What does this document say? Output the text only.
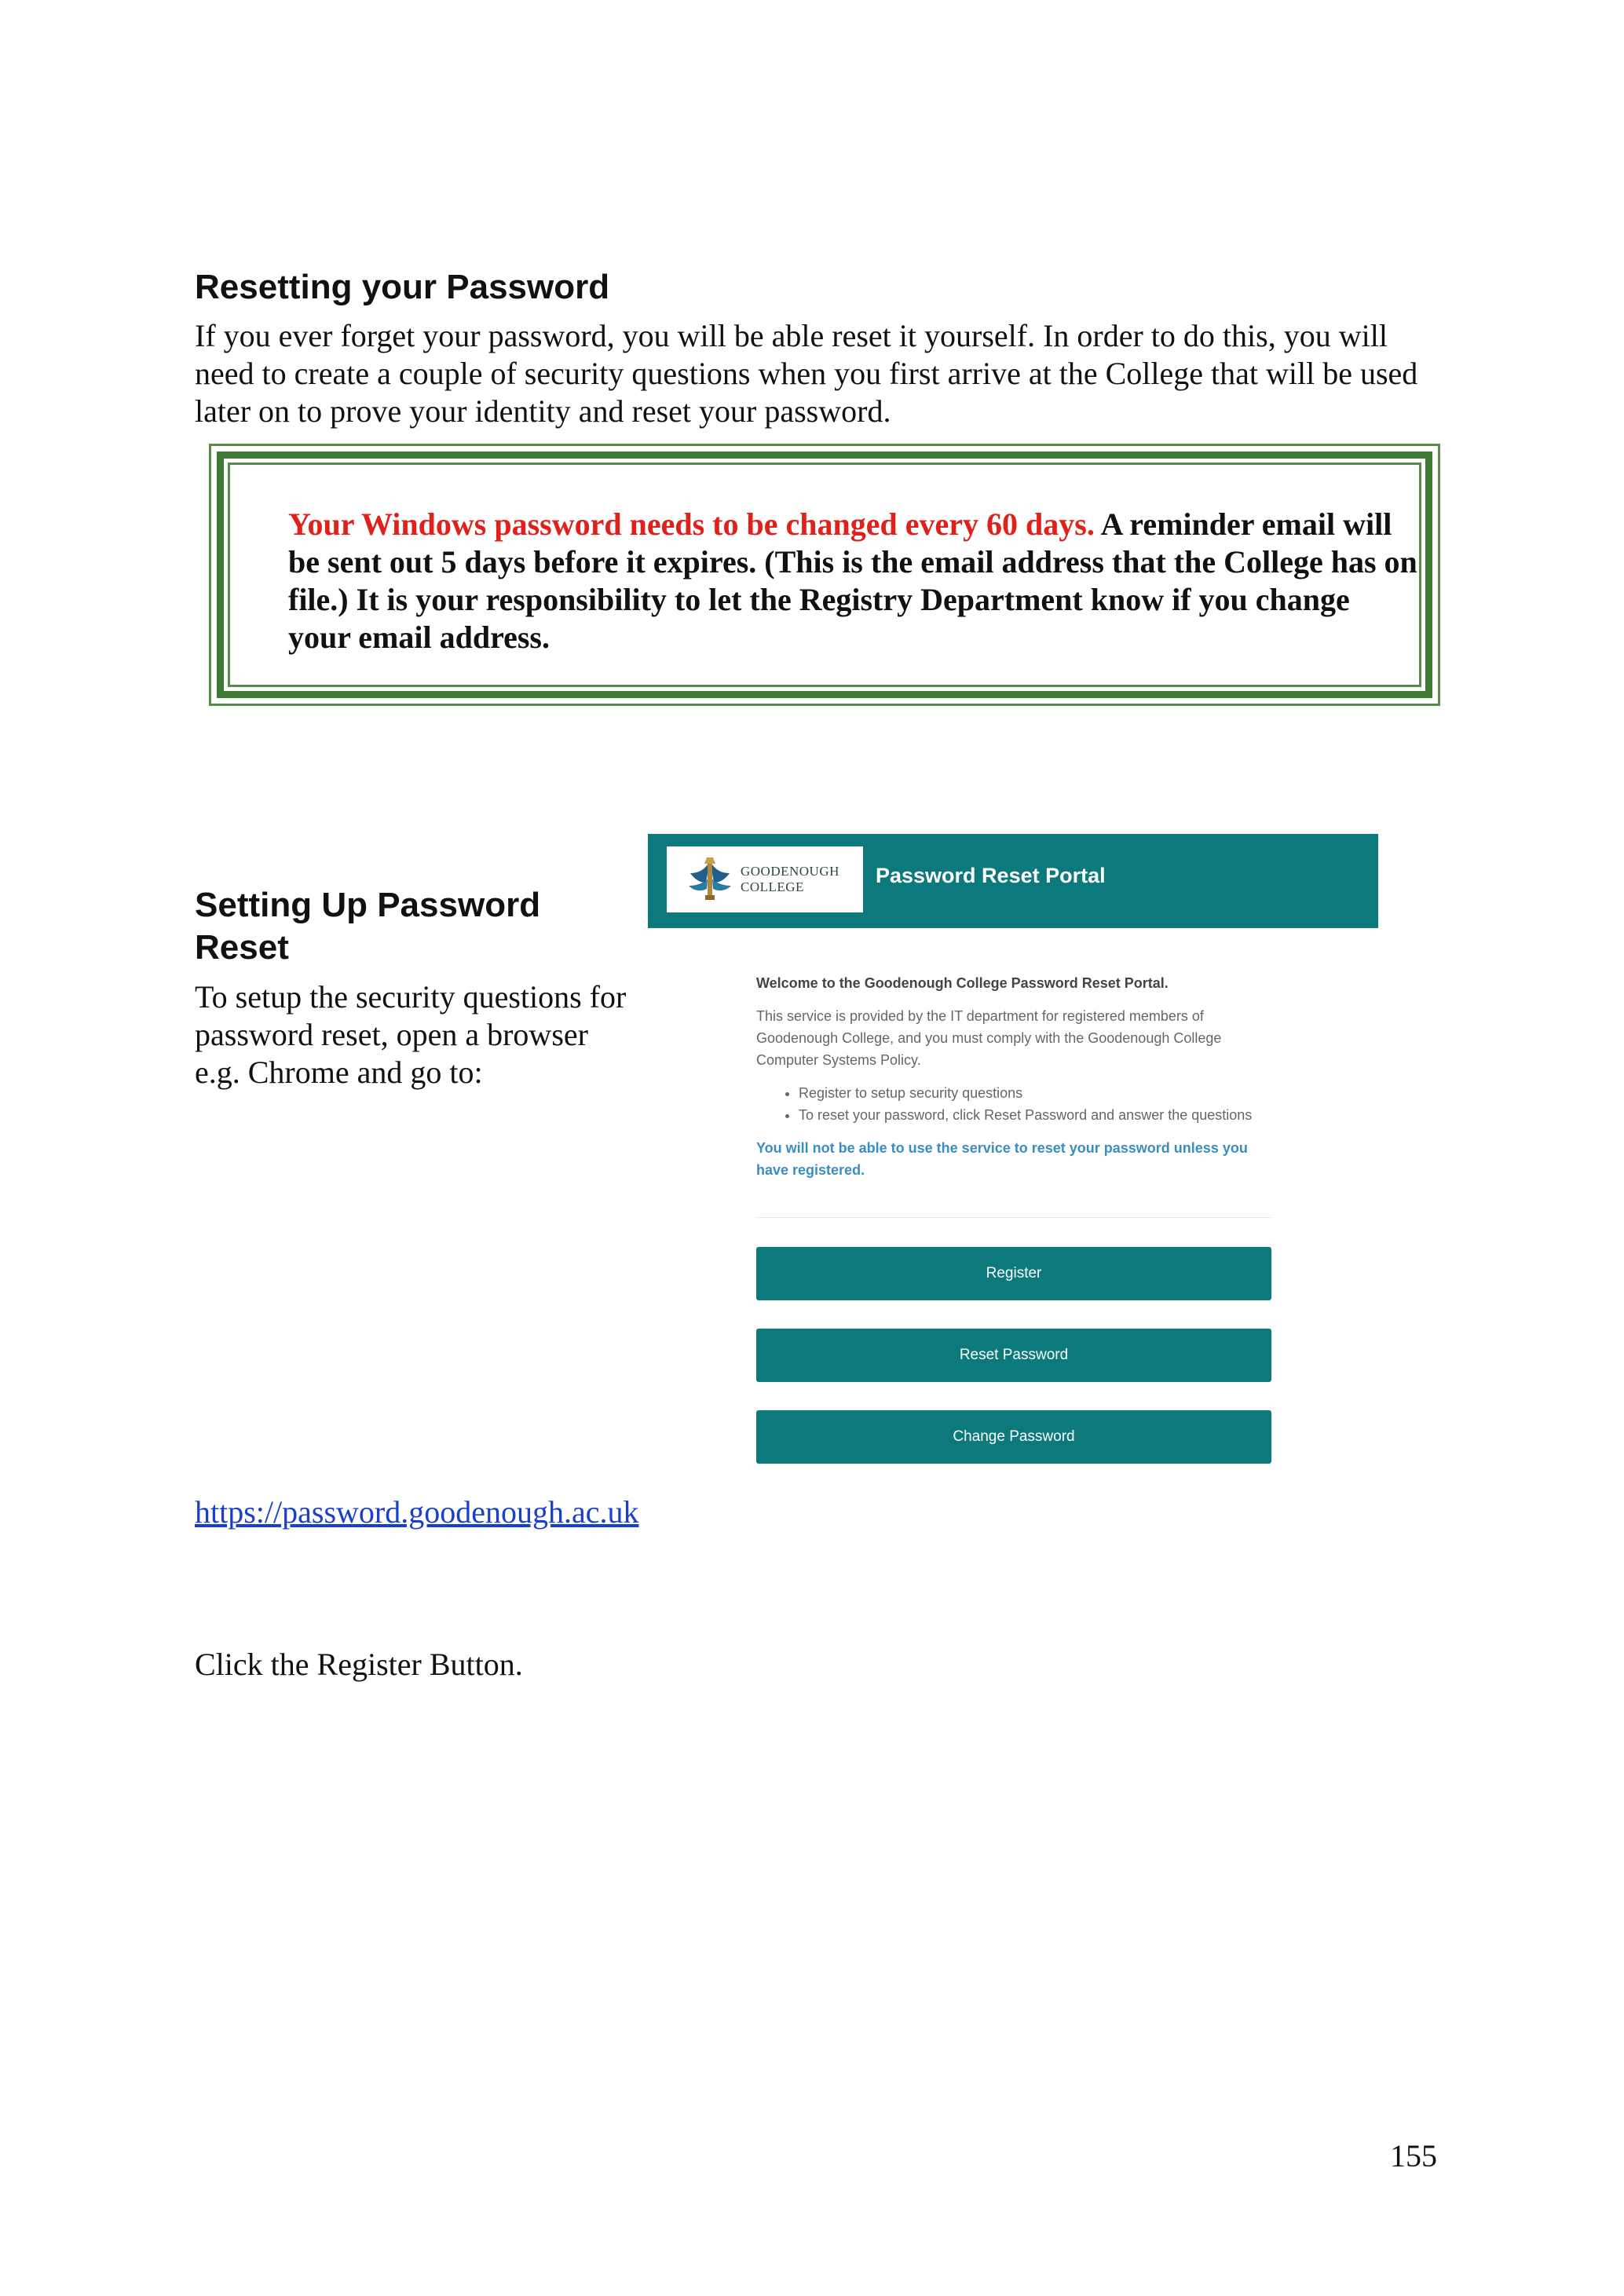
Resetting your Password
If you ever forget your password, you will be able reset it yourself. In order to do this, you will need to create a couple of security questions when you first arrive at the College that will be used later on to prove your identity and reset your password.
Your Windows password needs to be changed every 60 days. A reminder email will be sent out 5 days before it expires. (This is the email address that the College has on file.) It is your responsibility to let the Registry Department know if you change your email address.
Setting Up Password Reset
To setup the security questions for password reset, open a browser e.g. Chrome and go to:
GOODENOUGH
COLLEGE	Password Reset Portal

Welcome to the Goodenough College Password Reset Portal.

This service is provided by the IT department for registered members of Goodenough College, and you must comply with the Goodenough College Computer Systems Policy.

• Register to setup security questions
• To reset your password, click Reset Password and answer the questions

You will not be able to use the service to reset your password unless you have registered.

Register
Reset Password
Change Password
https://password.goodenough.ac.uk
Click the Register Button.
155
